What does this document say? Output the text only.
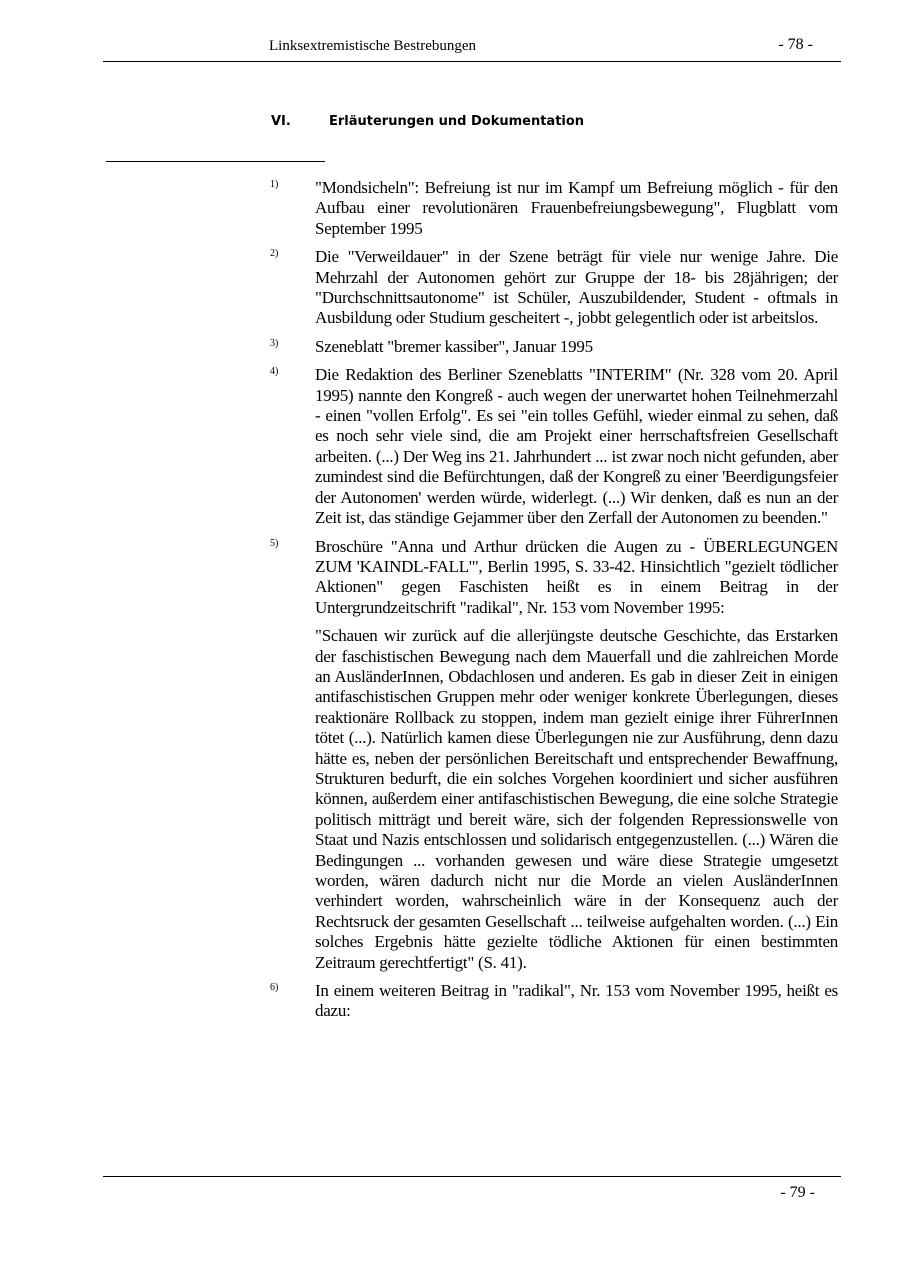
Linksextremistische Bestrebungen	- 78 -
VI.	Erläuterungen und Dokumentation
1) "Mondsicheln": Befreiung ist nur im Kampf um Befreiung möglich - für den Aufbau einer revolutionären Frauenbefreiungsbewegung", Flugblatt vom September 1995

2) Die "Verweildauer" in der Szene beträgt für viele nur wenige Jahre. Die Mehrzahl der Autonomen gehört zur Gruppe der 18- bis 28jährigen; der "Durchschnittsautonome" ist Schüler, Auszubildender, Student - oftmals in Ausbildung oder Studium gescheitert -, jobbt gelegentlich oder ist arbeitslos.

3) Szeneblatt "bremer kassiber", Januar 1995

4) Die Redaktion des Berliner Szeneblatts "INTERIM" (Nr. 328 vom 20. April 1995) nannte den Kongreß - auch wegen der unerwartet hohen Teilnehmerzahl - einen "vollen Erfolg". Es sei "ein tolles Gefühl, wieder einmal zu sehen, daß es noch sehr viele sind, die am Projekt einer herrschaftsfreien Gesellschaft arbeiten. (...) Der Weg ins 21. Jahrhundert ... ist zwar noch nicht gefunden, aber zumindest sind die Befürchtungen, daß der Kongreß zu einer 'Beerdigungsfeier der Autonomen' werden würde, widerlegt. (...) Wir denken, daß es nun an der Zeit ist, das ständige Gejammer über den Zerfall der Autonomen zu beenden."

5) Broschüre "Anna und Arthur drücken die Augen zu - ÜBERLEGUNGEN ZUM 'KAINDL-FALL'", Berlin 1995, S. 33-42. Hinsichtlich "gezielt tödlicher Aktionen" gegen Faschisten heißt es in einem Beitrag in der Untergrundzeitschrift "radikal", Nr. 153 vom November 1995:

"Schauen wir zurück auf die allerjüngste deutsche Geschichte, das Erstarken der faschistischen Bewegung nach dem Mauerfall und die zahlreichen Morde an AusländerInnen, Obdachlosen und anderen. Es gab in dieser Zeit in einigen antifaschistischen Gruppen mehr oder weniger konkrete Überlegungen, dieses reaktionäre Rollback zu stoppen, indem man gezielt einige ihrer FührerInnen tötet (...). Natürlich kamen diese Überlegungen nie zur Ausführung, denn dazu hätte es, neben der persönlichen Bereitschaft und entsprechender Bewaffnung, Strukturen bedurft, die ein solches Vorgehen koordiniert und sicher ausführen können, außerdem einer antifaschistischen Bewegung, die eine solche Strategie politisch mitträgt und bereit wäre, sich der folgenden Repressionswelle von Staat und Nazis entschlossen und solidarisch entgegenzustellen. (...) Wären die Bedingungen ... vorhanden gewesen und wäre diese Strategie umgesetzt worden, wären dadurch nicht nur die Morde an vielen AusländerInnen verhindert worden, wahrscheinlich wäre in der Konsequenz auch der Rechtsruck der gesamten Gesellschaft ... teilweise aufgehalten worden. (...) Ein solches Ergebnis hätte gezielte tödliche Aktionen für einen bestimmten Zeitraum gerechtfertigt" (S. 41).

6) In einem weiteren Beitrag in "radikal", Nr. 153 vom November 1995, heißt es dazu:

- 79 -
